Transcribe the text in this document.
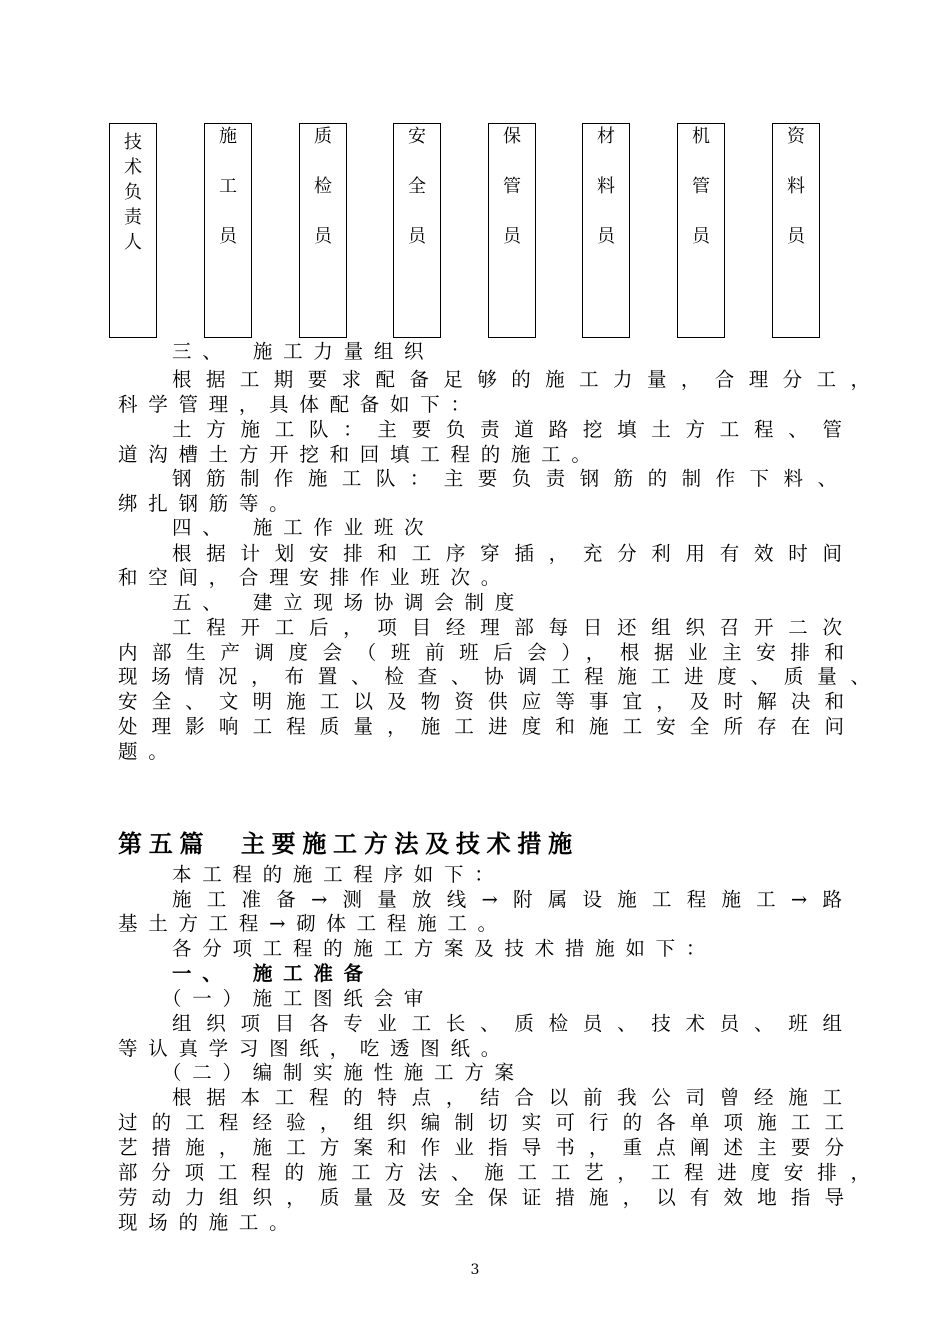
技
术
负
责
人
施
工
员
质
检
员
安
全
员
保
管
员
材
料
员
机
管
员
资
料
员
三、　施工力量组织
根据工期要求配备足够的施工力量，合理分工，
科学管理，具体配备如下：
土方施工队：主要负责道路挖填土方工程、管
道沟槽土方开挖和回填工程的施工。
钢筋制作施工队：主要负责钢筋的制作下料、
绑扎钢筋等。
四、　施工作业班次
根据计划安排和工序穿插，充分利用有效时间
和空间，合理安排作业班次。
五、　建立现场协调会制度
工程开工后，项目经理部每日还组织召开二次
内部生产调度会（班前班后会），根据业主安排和
现场情况，布置、检查、协调工程施工进度、质量、
安全、文明施工以及物资供应等事宜，及时解决和
处理影响工程质量，施工进度和施工安全所存在问
题。
第五篇　主要施工方法及技术措施
本工程的施工程序如下：
施工准备→测量放线→附属设施工程施工→路
基土方工程→砌体工程施工。
各分项工程的施工方案及技术措施如下：
一、　施工准备
（一）施工图纸会审
组织项目各专业工长、质检员、技术员、班组
等认真学习图纸，吃透图纸。
（二）编制实施性施工方案
根据本工程的特点，结合以前我公司曾经施工
过的工程经验，组织编制切实可行的各单项施工工
艺措施，施工方案和作业指导书，重点阐述主要分
部分项工程的施工方法、施工工艺，工程进度安排，
劳动力组织，质量及安全保证措施，以有效地指导
现场的施工。
3
